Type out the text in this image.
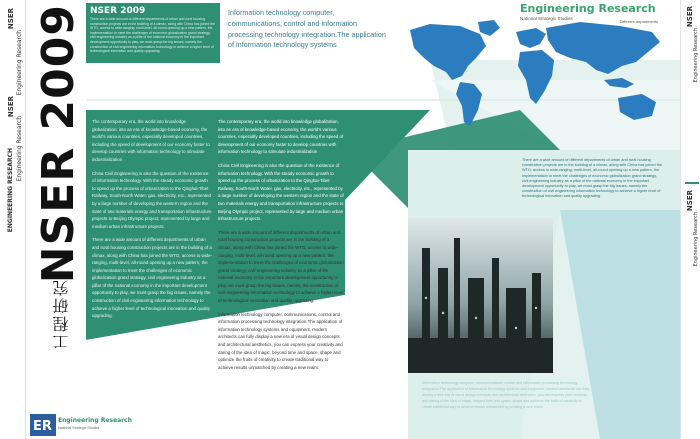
NSER
Engineering Research
NSER
Engineering Research
ENGINEERING RESEARCH NSER 2009
工程研究
NSER 2009
There are a wide amount of different departments of urban and rural housing construction projects are in the building of a climax, along with China has joined the WTO, access to wide-ranging, multi-level, all-round opening up a new pattern, the implementation to meet the challenges of economic globalization grand strategy, civil engineering industry as a pillar of the national economy in the important development opportunity to play, we must grasp the big issues, namely the construction of civil engineering information technology to achieve a higher level of technological innovation and quality upgrading.
Information technology computer, communications, control and information processing technology integration.The application of information technology systems
Engineering Research
National Strategic Studies
Different departments

The contemporary era, the world into knowledge globalization, into an era of knowledge-based economy, the world's various countries, especially developed countries, including the speed of development of our economy faster to develop countries with information technology to stimulate industrialization

China Civil Engineering is also the question of the existence of information technology. With the steady economic growth to speed up the process of urbanization to the Qinghai-Tibet Railway, South-North Water, gas, electricity, etc., represented by a large number of developing the western region and the state of two materials energy and transportation infrastructure projects to Beijing Olympic project, represented by large and medium urban infrastructure projects.

There are a wide amount of different departments of urban and rural housing construction projects are in the building of a climax, along with China has joined the WTO, access to wide-ranging, multi-level, all-round opening up a new pattern, the implementation to meet the challenges of economic globalization grand strategy, civil engineering industry as a pillar of the national economy in the important development opportunity to play, we must grasp the big issues, namely the construction of civil engineering information technology to achieve a higher level of technological innovation and quality upgrading.

The contemporary era, the world into knowledge globalization, into an era of knowledge-based economy, the world's various countries, especially developed countries, including the speed of development of our economy faster to develop countries with information technology to stimulate industrialization

China Civil Engineering is also the question of the existence of information technology. With the steady economic growth to speed up the process of urbanization to the Qinghai-Tibet Railway, South-North Water, gas, electricity, etc., represented by a large number of developing the western region and the state of two materials energy and transportation infrastructure projects to Beijing Olympic project, represented by large and medium urban infrastructure projects.

There are a wide amount of different departments of urban and rural housing construction projects are in the building of a climax, along with China has joined the WTO, access to wide-ranging, multi-level, all-round opening up a new pattern, the implementation to meet the challenges of economic globalization grand strategy, civil engineering industry as a pillar of the national economy in the important development opportunity to play, we must grasp the big issues, namely the construction of civil engineering information technology to achieve a higher level of technological innovation and quality upgrading.

Information technology computer, communications, control and information processing technology integration.The application of information technology systems and equipment, modern architects can fully display a new era of visual design concepts and architectural aesthetics, you can express your creativity and daring of the idea of magic, beyond time and space, shape and optimize the fruits of creativity to create traditional way to achieve results unmatched by creating a new realm.

There are a wide amount of different departments of urban and rural housing construction projects are in the building of a climax, along with China has joined the WTO, access to wide-ranging, multi-level, all-round opening up a new pattern, the implementation to meet the challenges of economic globalization grand strategy, civil engineering industry as a pillar of the national economy in the important development opportunity to play, we must grasp the big issues, namely the construction of civil engineering information technology to achieve a higher level of technological innovation and quality upgrading.
Information technology computer, communications, control and information processing technology integration.The application of information technology systems and equipment, modern architects can fully display a new era of visual design concepts and architectural aesthetics, you can express your creativity and daring of the idea of magic, beyond time and space, shape and optimize the fruits of creativity to create traditional way to achieve results unmatched by creating a new realm.
ER Engineering Research
National Strategic Studies
NSER
Engineering Research
NSER
Engineering Research
